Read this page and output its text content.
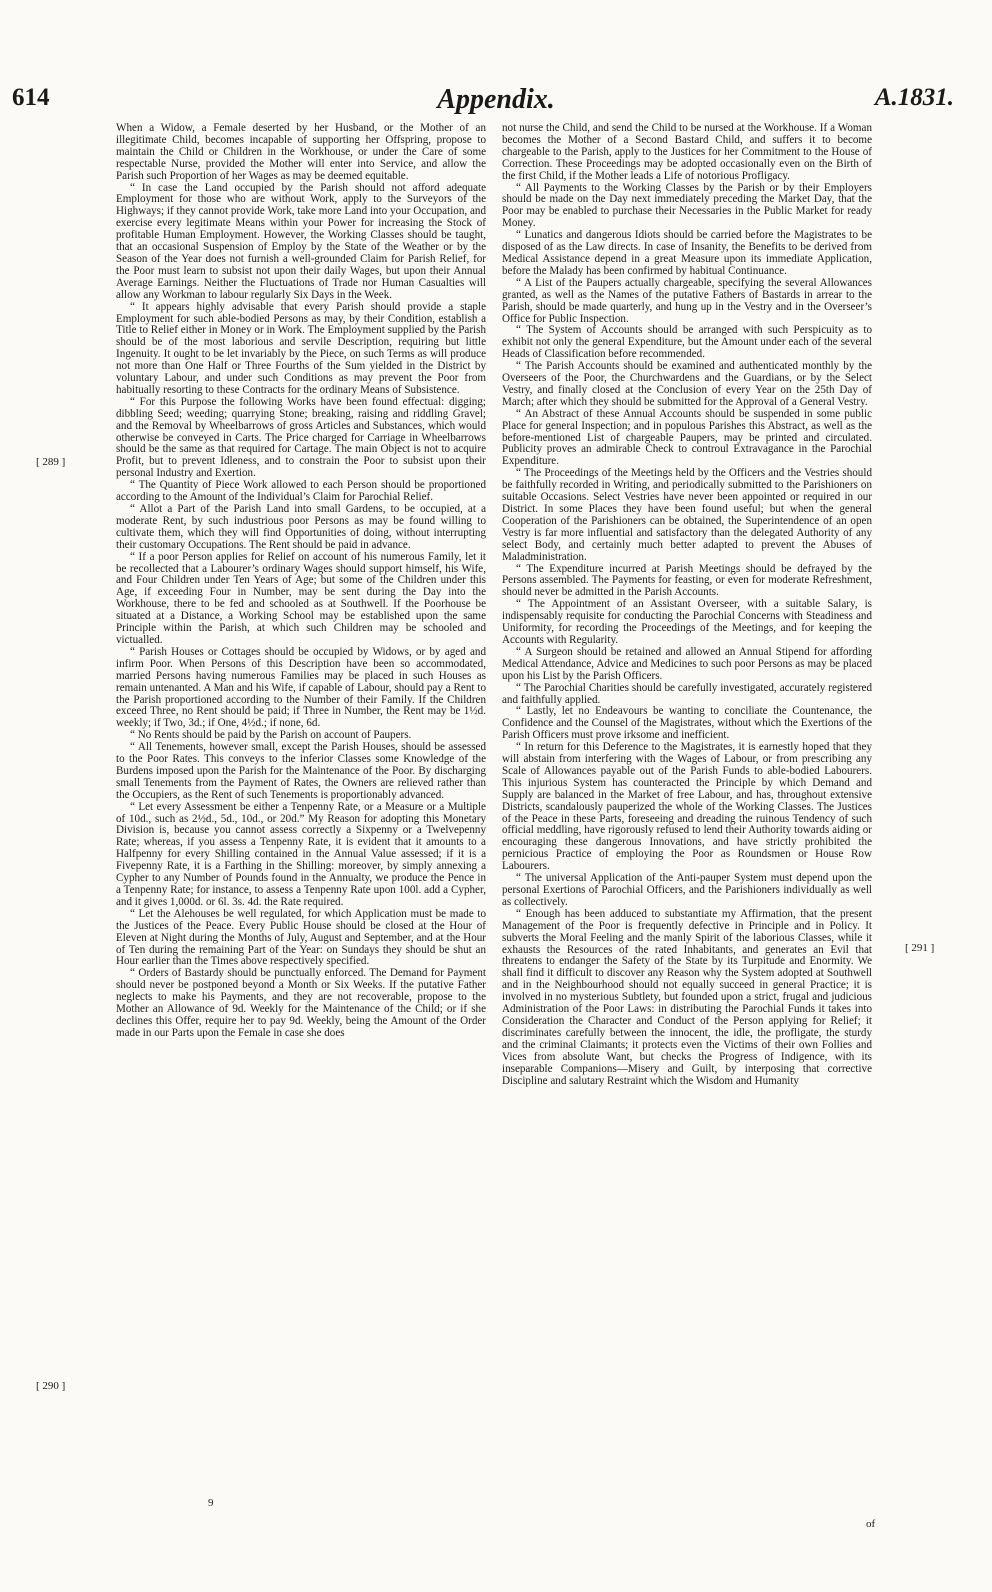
614	Appendix.	A.1831.

When a Widow, a Female deserted by her Husband, or the Mother of an illegitimate Child, becomes incapable of supporting her Offspring, propose to maintain the Child or Children in the Workhouse, or under the Care of some respectable Nurse, provided the Mother will enter into Service, and allow the Parish such Proportion of her Wages as may be deemed equitable.

“ In case the Land occupied by the Parish should not afford adequate Employment for those who are without Work, apply to the Surveyors of the Highways; if they cannot provide Work, take more Land into your Occupation, and exercise every legitimate Means within your Power for increasing the Stock of profitable Human Employment. However, the Working Classes should be taught, that an occasional Suspension of Employ by the State of the Weather or by the Season of the Year does not furnish a well-grounded Claim for Parish Relief, for the Poor must learn to subsist not upon their daily Wages, but upon their Annual Average Earnings. Neither the Fluctuations of Trade nor Human Casualties will allow any Workman to labour regularly Six Days in the Week.

“ It appears highly advisable that every Parish should provide a staple Employment for such able-bodied Persons as may, by their Condition, establish a Title to Relief either in Money or in Work. The Employment supplied by the Parish should be of the most laborious and servile Description, requiring but little Ingenuity. It ought to be let invariably by the Piece, on such Terms as will produce not more than One Half or Three Fourths of the Sum yielded in the District by voluntary Labour, and under such Conditions as may prevent the Poor from habitually resorting to these Contracts for the ordinary Means of Subsistence.

“ For this Purpose the following Works have been found effectual: digging; dibbling Seed; weeding; quarrying Stone; breaking, raising and riddling Gravel; and the Removal by Wheelbarrows of gross Articles and Substances, which would otherwise be conveyed in Carts. The Price charged for Carriage in Wheelbarrows should be the same as that required for Cartage. The main Object is not to acquire Profit, but to prevent Idleness, and to constrain the Poor to subsist upon their personal Industry and Exertion.

“ The Quantity of Piece Work allowed to each Person should be proportioned according to the Amount of the Individual’s Claim for Parochial Relief.

“ Allot a Part of the Parish Land into small Gardens, to be occupied, at a moderate Rent, by such industrious poor Persons as may be found willing to cultivate them, which they will find Opportunities of doing, without interrupting their customary Occupations. The Rent should be paid in advance.

“ If a poor Person applies for Relief on account of his numerous Family, let it be recollected that a Labourer’s ordinary Wages should support himself, his Wife, and Four Children under Ten Years of Age; but some of the Children under this Age, if exceeding Four in Number, may be sent during the Day into the Workhouse, there to be fed and schooled as at Southwell. If the Poorhouse be situated at a Distance, a Working School may be established upon the same Principle within the Parish, at which such Children may be schooled and victualled.

“ Parish Houses or Cottages should be occupied by Widows, or by aged and infirm Poor. When Persons of this Description have been so accommodated, married Persons having numerous Families may be placed in such Houses as remain untenanted. A Man and his Wife, if capable of Labour, should pay a Rent to the Parish proportioned according to the Number of their Family. If the Children exceed Three, no Rent should be paid; if Three in Number, the Rent may be 1½d. weekly; if Two, 3d.; if One, 4½d.; if none, 6d.

“ No Rents should be paid by the Parish on account of Paupers.

“ All Tenements, however small, except the Parish Houses, should be assessed to the Poor Rates. This conveys to the inferior Classes some Knowledge of the Burdens imposed upon the Parish for the Maintenance of the Poor. By discharging small Tenements from the Payment of Rates, the Owners are relieved rather than the Occupiers, as the Rent of such Tenements is proportionably advanced.

“ Let every Assessment be either a Tenpenny Rate, or a Measure or a Multiple of 10d., such as 2½d., 5d., 10d., or 20d.” My Reason for adopting this Monetary Division is, because you cannot assess correctly a Sixpenny or a Twelvepenny Rate; whereas, if you assess a Tenpenny Rate, it is evident that it amounts to a Halfpenny for every Shilling contained in the Annual Value assessed; if it is a Fivepenny Rate, it is a Farthing in the Shilling: moreover, by simply annexing a Cypher to any Number of Pounds found in the Annualty, we produce the Pence in a Tenpenny Rate; for instance, to assess a Tenpenny Rate upon 100l. add a Cypher, and it gives 1,000d. or 6l. 3s. 4d. the Rate required.

“ Let the Alehouses be well regulated, for which Application must be made to the Justices of the Peace. Every Public House should be closed at the Hour of Eleven at Night during the Months of July, August and September, and at the Hour of Ten during the remaining Part of the Year: on Sundays they should be shut an Hour earlier than the Times above respectively specified.

“ Orders of Bastardy should be punctually enforced. The Demand for Payment should never be postponed beyond a Month or Six Weeks. If the putative Father neglects to make his Payments, and they are not recoverable, propose to the Mother an Allowance of 9d. Weekly for the Maintenance of the Child; or if she declines this Offer, require her to pay 9d. Weekly, being the Amount of the Order made in our Parts upon the Female in case she does

not nurse the Child, and send the Child to be nursed at the Workhouse. If a Woman becomes the Mother of a Second Bastard Child, and suffers it to become chargeable to the Parish, apply to the Justices for her Commitment to the House of Correction. These Proceedings may be adopted occasionally even on the Birth of the first Child, if the Mother leads a Life of notorious Profligacy.

“ All Payments to the Working Classes by the Parish or by their Employers should be made on the Day next immediately preceding the Market Day, that the Poor may be enabled to purchase their Necessaries in the Public Market for ready Money.

“ Lunatics and dangerous Idiots should be carried before the Magistrates to be disposed of as the Law directs. In case of Insanity, the Benefits to be derived from Medical Assistance depend in a great Measure upon its immediate Application, before the Malady has been confirmed by habitual Continuance.

“ A List of the Paupers actually chargeable, specifying the several Allowances granted, as well as the Names of the putative Fathers of Bastards in arrear to the Parish, should be made quarterly, and hung up in the Vestry and in the Overseer’s Office for Public Inspection.

“ The System of Accounts should be arranged with such Perspicuity as to exhibit not only the general Expenditure, but the Amount under each of the several Heads of Classification before recommended.

“ The Parish Accounts should be examined and authenticated monthly by the Overseers of the Poor, the Churchwardens and the Guardians, or by the Select Vestry, and finally closed at the Conclusion of every Year on the 25th Day of March; after which they should be submitted for the Approval of a General Vestry.

“ An Abstract of these Annual Accounts should be suspended in some public Place for general Inspection; and in populous Parishes this Abstract, as well as the before-mentioned List of chargeable Paupers, may be printed and circulated. Publicity proves an admirable Check to controul Extravagance in the Parochial Expenditure.

“ The Proceedings of the Meetings held by the Officers and the Vestries should be faithfully recorded in Writing, and periodically submitted to the Parishioners on suitable Occasions. Select Vestries have never been appointed or required in our District. In some Places they have been found useful; but when the general Cooperation of the Parishioners can be obtained, the Superintendence of an open Vestry is far more influential and satisfactory than the delegated Authority of any select Body, and certainly much better adapted to prevent the Abuses of Maladministration.

“ The Expenditure incurred at Parish Meetings should be defrayed by the Persons assembled. The Payments for feasting, or even for moderate Refreshment, should never be admitted in the Parish Accounts.

“ The Appointment of an Assistant Overseer, with a suitable Salary, is indispensably requisite for conducting the Parochial Concerns with Steadiness and Uniformity, for recording the Proceedings of the Meetings, and for keeping the Accounts with Regularity.

“ A Surgeon should be retained and allowed an Annual Stipend for affording Medical Attendance, Advice and Medicines to such poor Persons as may be placed upon his List by the Parish Officers.

“ The Parochial Charities should be carefully investigated, accurately registered and faithfully applied.

“ Lastly, let no Endeavours be wanting to conciliate the Countenance, the Confidence and the Counsel of the Magistrates, without which the Exertions of the Parish Officers must prove irksome and inefficient.

“ In return for this Deference to the Magistrates, it is earnestly hoped that they will abstain from interfering with the Wages of Labour, or from prescribing any Scale of Allowances payable out of the Parish Funds to able-bodied Labourers. This injurious System has counteracted the Principle by which Demand and Supply are balanced in the Market of free Labour, and has, throughout extensive Districts, scandalously pauperized the whole of the Working Classes. The Justices of the Peace in these Parts, foreseeing and dreading the ruinous Tendency of such official meddling, have rigorously refused to lend their Authority towards aiding or encouraging these dangerous Innovations, and have strictly prohibited the pernicious Practice of employing the Poor as Roundsmen or House Row Labourers.

“ The universal Application of the Anti-pauper System must depend upon the personal Exertions of Parochial Officers, and the Parishioners individually as well as collectively.

“ Enough has been adduced to substantiate my Affirmation, that the present Management of the Poor is frequently defective in Principle and in Policy. It subverts the Moral Feeling and the manly Spirit of the laborious Classes, while it exhausts the Resources of the rated Inhabitants, and generates an Evil that threatens to endanger the Safety of the State by its Turpitude and Enormity. We shall find it difficult to discover any Reason why the System adopted at Southwell and in the Neighbourhood should not equally succeed in general Practice; it is involved in no mysterious Subtlety, but founded upon a strict, frugal and judicious Administration of the Poor Laws: in distributing the Parochial Funds it takes into Consideration the Character and Conduct of the Person applying for Relief; it discriminates carefully between the innocent, the idle, the profligate, the sturdy and the criminal Claimants; it protects even the Victims of their own Follies and Vices from absolute Want, but checks the Progress of Indigence, with its inseparable Companions—Misery and Guilt, by interposing that corrective Discipline and salutary Restraint which the Wisdom and Humanity

[ 289 ]
[ 290 ]
[ 291 ]
9
of
